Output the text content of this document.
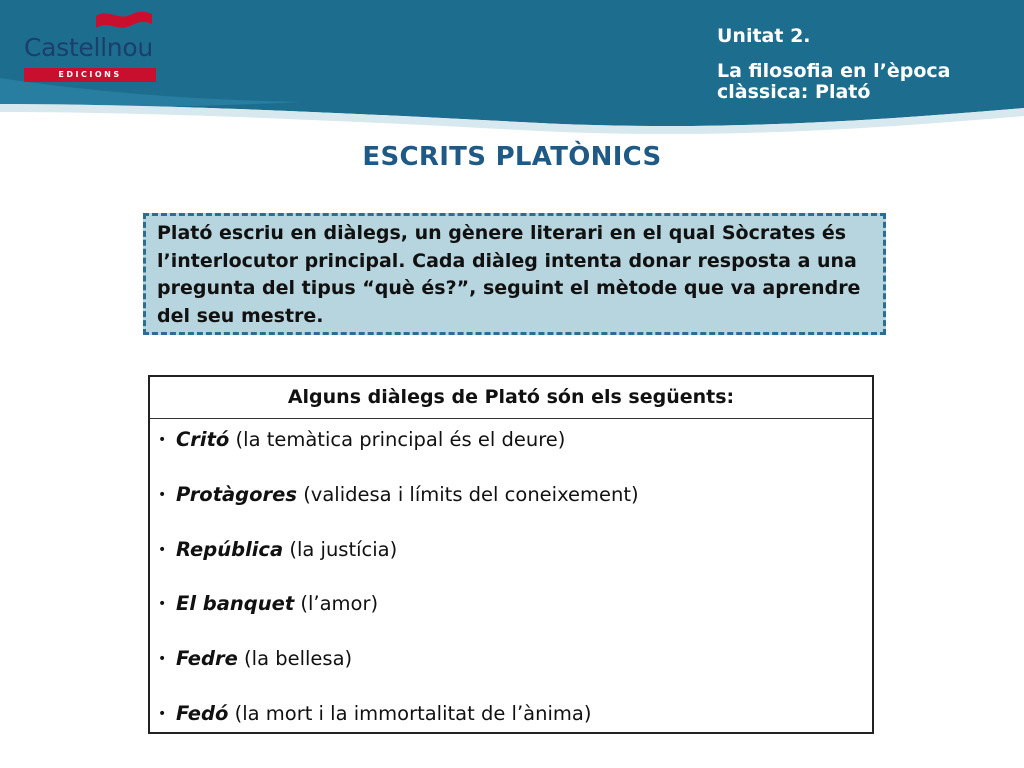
Castellnou
EDICIONS
Unitat 2.
La filosofia en l’època clàssica: Plató
ESCRITS PLATÒNICS
Plató escriu en diàlegs, un gènere literari en el qual Sòcrates és l’interlocutor principal. Cada diàleg intenta donar resposta a una pregunta del tipus “què és?”, seguint el mètode que va aprendre del seu mestre.
Alguns diàlegs de Plató són els següents:
• Critó (la temàtica principal és el deure)
• Protàgores (validesa i límits del coneixement)
• República (la justícia)
• El banquet (l’amor)
• Fedre (la bellesa)
• Fedó (la mort i la immortalitat de l’ànima)
